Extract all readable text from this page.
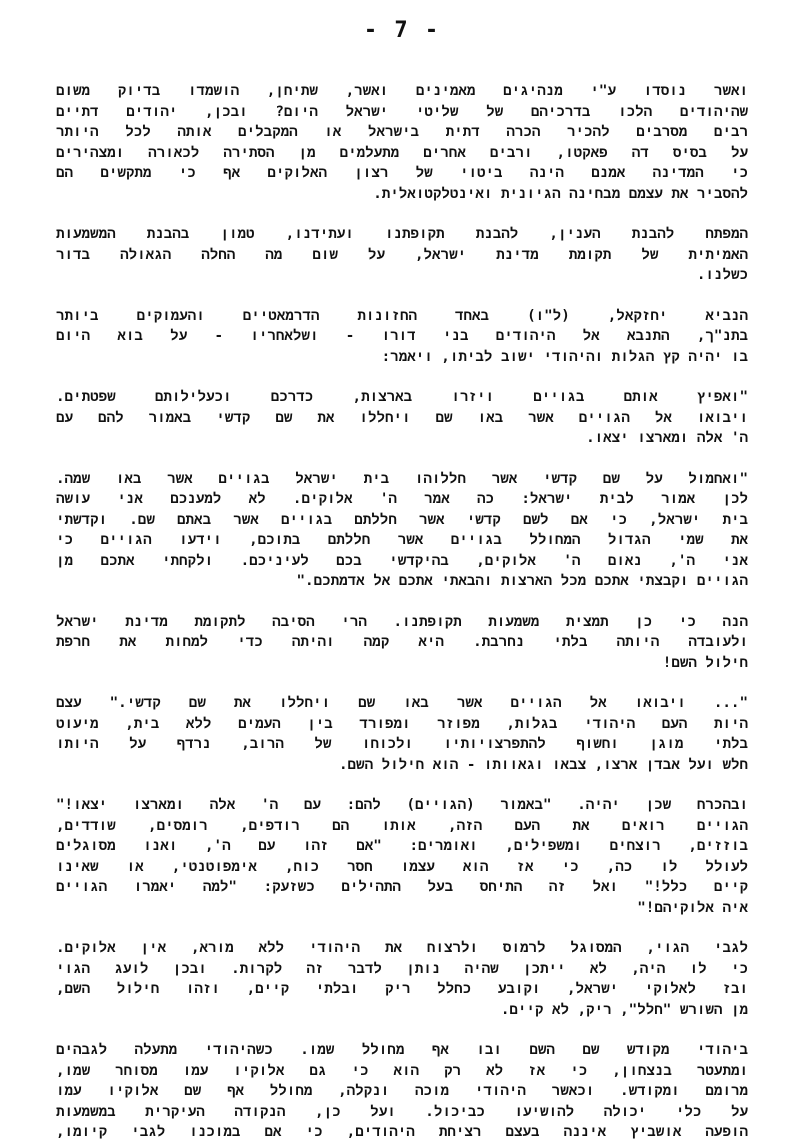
- 7 -
ואשר נוסדו ע"י מנהיגים מאמינים ואשר, שתיחן, הושמדו בדיוק משום
שהיהודים הלכו בדרכיהם של שליטי ישראל היום? ובכן, יהודים דתיים
רבים מסרבים להכיר הכרה דתית בישראל או המקבלים אותה לכל היותר
על בסיס דה פאקטו, ורבים אחרים מתעלמים מן הסתירה לכאורה ומצהירים
כי המדינה אמנם הינה ביטוי של רצון האלוקים אף כי מתקשים הם
להסביר את עצמם מבחינה הגיונית ואינטלקטואלית.
המפתח להבנת הענין, להבנת תקופתנו ועתידנו, טמון בהבנת המשמעות
האמיתית של תקומת מדינת ישראל, על שום מה החלה הגאולה בדור
כשלנו.
הנביא יחזקאל, (ל"ו) באחד החזונות הדרמאטיים והעמוקים ביותר
בתנ"ך, התנבא אל היהודים בני דורו - ושלאחריו - על בוא היום
בו יהיה קץ הגלות והיהודי ישוב לביתו, ויאמר:
"ואפיץ אותם בגויים ויזרו בארצות, כדרכם וכעלילותם שפטתים.
ויבואו אל הגויים אשר באו שם ויחללו את שם קדשי באמור להם עם
ה' אלה ומארצו יצאו.
"ואחמול על שם קדשי אשר חללוהו בית ישראל בגויים אשר באו שמה.
לכן אמור לבית ישראל: כה אמר ה' אלוקים. לא למענכם אני עושה
בית ישראל, כי אם לשם קדשי אשר חללתם בגויים אשר באתם שם. וקדשתי
את שמי הגדול המחולל בגויים אשר חללתם בתוכם, וידעו הגויים כי
אני ה', נאום ה' אלוקים, בהיקדשי בכם לעיניכם. ולקחתי אתכם מן
הגויים וקבצתי אתכם מכל הארצות והבאתי אתכם אל אדמתכם."
הנה כי כן תמצית משמעות תקופתנו. הרי הסיבה לתקומת מדינת ישראל
ולעובדה היותה בלתי נחרבת. היא קמה והיתה כדי למחות את חרפת
חילול השם!
"... ויבואו אל הגויים אשר באו שם ויחללו את שם קדשי." עצם
היות העם היהודי בגלות, מפוזר ומפורד בין העמים ללא בית, מיעוט
בלתי מוגן וחשוף להתפרצויותיו ולכוחו של הרוב, נרדף על היותו
חלש ועל אבדן ארצו, צבאו וגאוותו - הוא חילול השם.
ובהכרח שכן יהיה. "באמור (הגויים) להם: עם ה' אלה ומארצו יצאו!"
הגויים רואים את העם הזה, אותו הם רודפים, רומסים, שודדים,
בוזזים, רוצחים ומשפילים, ואומרים: "אם זהו עם ה', ואנו מסוגלים
לעולל לו כה, כי אז הוא עצמו חסר כוח, אימפוטנטי, או שאינו
קיים כלל!" ואל זה התיחס בעל התהילים כשזעק: "למה יאמרו הגויים
איה אלוקיהם!"
לגבי הגוי, המסוגל לרמוס ולרצוח את היהודי ללא מורא, אין אלוקים.
כי לו היה, לא ייתכן שהיה נותן לדבר זה לקרות. ובכן לועג הגוי
ובז לאלוקי ישראל, וקובע כחלל ריק ובלתי קיים, וזהו חילול השם,
מן השורש "חלל", ריק, לא קיים.
ביהודי מקודש שם השם ובו אף מחולל שמו. כשהיהודי מתעלה לגבהים
ומתעטר בנצחון, כי אז לא רק הוא כי גם אלוקיו עמו מסוחר שמו,
מרומם ומקודש. וכאשר היהודי מוכה ונקלה, מחולל אף שם אלוקיו עמו
על כלי יכולה להושיעו כביכול. ועל כן, הנקודה העיקרית במשמעות
הופעה אושביץ איננה בעצם רציחת היהודים, כי אם במוכנו לגבי קיומו,
